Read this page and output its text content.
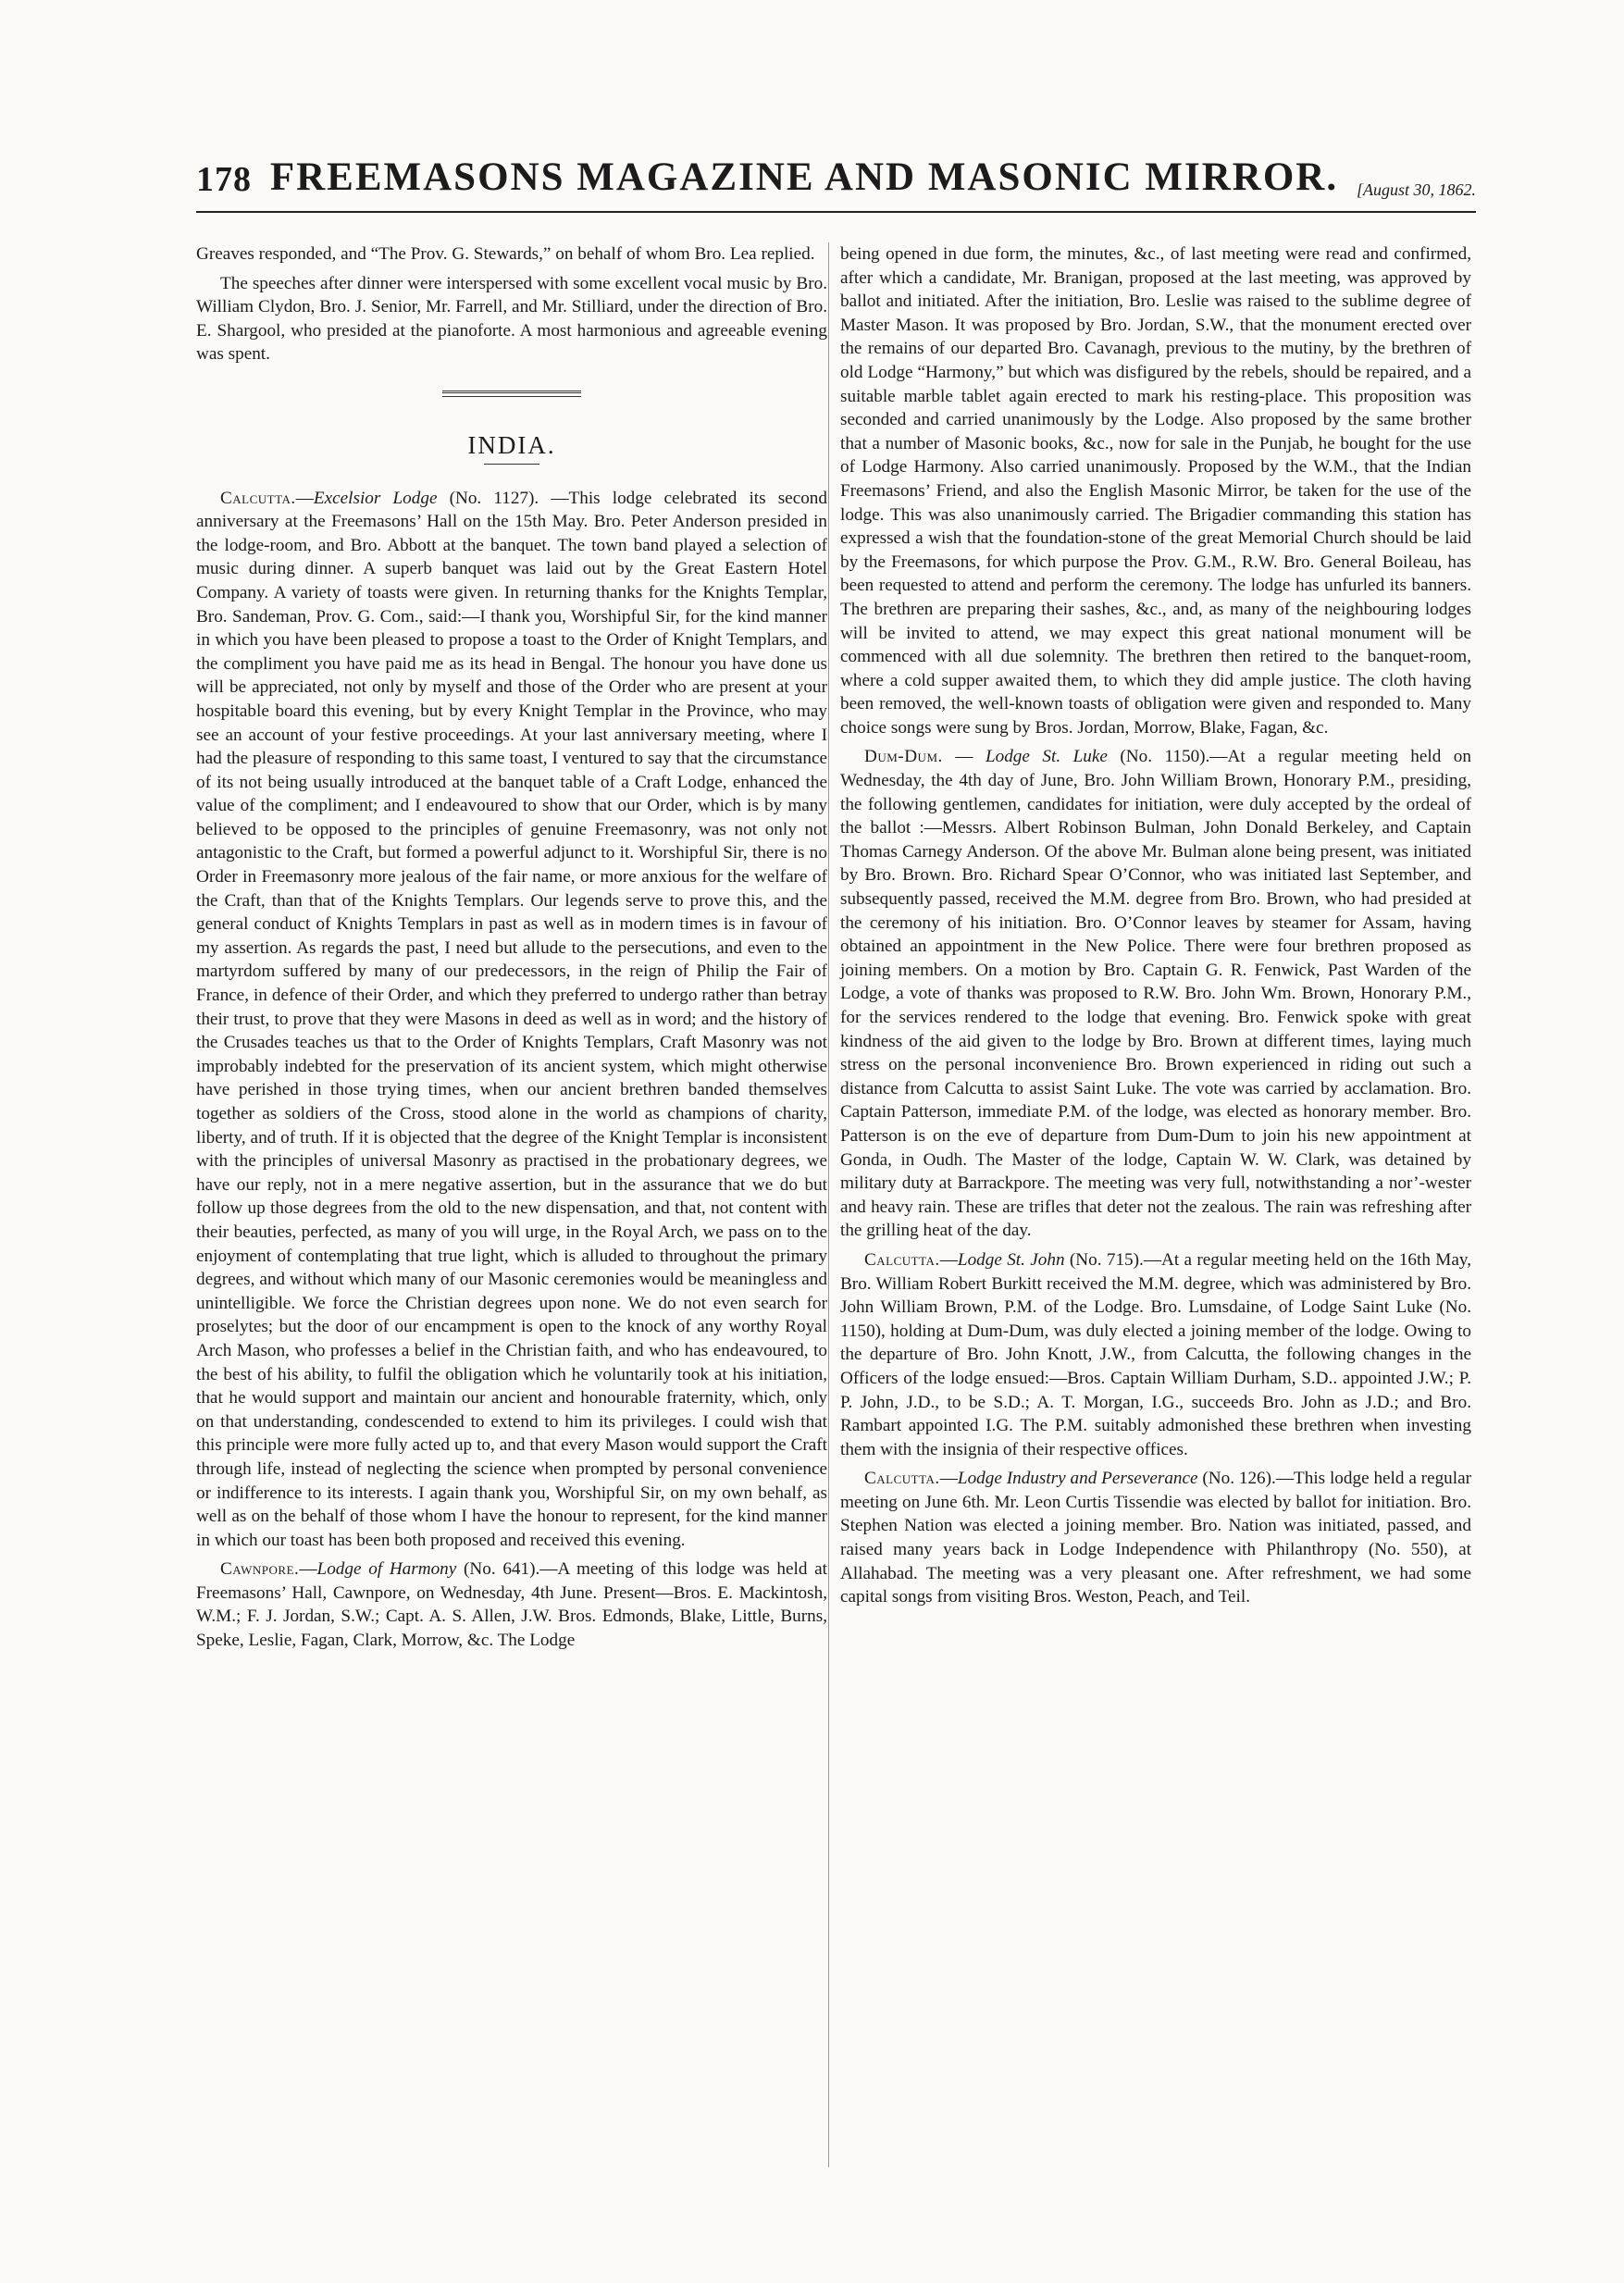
178 FREEMASONS MAGAZINE AND MASONIC MIRROR. [August 30, 1862.

Greaves responded, and “The Prov. G. Stewards,” on behalf of whom Bro. Lea replied.

The speeches after dinner were interspersed with some excellent vocal music by Bro. William Clydon, Bro. J. Senior, Mr. Farrell, and Mr. Stilliard, under the direction of Bro. E. Shargool, who presided at the pianoforte. A most harmonious and agreeable evening was spent.

INDIA.

Calcutta.—Excelsior Lodge (No. 1127). —This lodge celebrated its second anniversary at the Freemasons’ Hall on the 15th May. Bro. Peter Anderson presided in the lodge-room, and Bro. Abbott at the banquet. The town band played a selection of music during dinner. A superb banquet was laid out by the Great Eastern Hotel Company. A variety of toasts were given. In returning thanks for the Knights Templar, Bro. Sandeman, Prov. G. Com., said:—I thank you, Worshipful Sir, for the kind manner in which you have been pleased to propose a toast to the Order of Knight Templars, and the compliment you have paid me as its head in Bengal. The honour you have done us will be appreciated, not only by myself and those of the Order who are present at your hospitable board this evening, but by every Knight Templar in the Province, who may see an account of your festive proceedings. At your last anniversary meeting, where I had the pleasure of responding to this same toast, I ventured to say that the circumstance of its not being usually introduced at the banquet table of a Craft Lodge, enhanced the value of the compliment; and I endeavoured to show that our Order, which is by many believed to be opposed to the principles of genuine Freemasonry, was not only not antagonistic to the Craft, but formed a powerful adjunct to it. Worshipful Sir, there is no Order in Freemasonry more jealous of the fair name, or more anxious for the welfare of the Craft, than that of the Knights Templars. Our legends serve to prove this, and the general conduct of Knights Templars in past as well as in modern times is in favour of my assertion. As regards the past, I need but allude to the persecutions, and even to the martyrdom suffered by many of our predecessors, in the reign of Philip the Fair of France, in defence of their Order, and which they preferred to undergo rather than betray their trust, to prove that they were Masons in deed as well as in word; and the history of the Crusades teaches us that to the Order of Knights Templars, Craft Masonry was not improbably indebted for the preservation of its ancient system, which might otherwise have perished in those trying times, when our ancient brethren banded themselves together as soldiers of the Cross, stood alone in the world as champions of charity, liberty, and of truth. If it is objected that the degree of the Knight Templar is inconsistent with the principles of universal Masonry as practised in the probationary degrees, we have our reply, not in a mere negative assertion, but in the assurance that we do but follow up those degrees from the old to the new dispensation, and that, not content with their beauties, perfected, as many of you will urge, in the Royal Arch, we pass on to the enjoyment of contemplating that true light, which is alluded to throughout the primary degrees, and without which many of our Masonic ceremonies would be meaningless and unintelligible. We force the Christian degrees upon none. We do not even search for proselytes; but the door of our encampment is open to the knock of any worthy Royal Arch Mason, who professes a belief in the Christian faith, and who has endeavoured, to the best of his ability, to fulfil the obligation which he voluntarily took at his initiation, that he would support and maintain our ancient and honourable fraternity, which, only on that understanding, condescended to extend to him its privileges. I could wish that this principle were more fully acted up to, and that every Mason would support the Craft through life, instead of neglecting the science when prompted by personal convenience or indifference to its interests. I again thank you, Worshipful Sir, on my own behalf, as well as on the behalf of those whom I have the honour to represent, for the kind manner in which our toast has been both proposed and received this evening.

Cawnpore.—Lodge of Harmony (No. 641).—A meeting of this lodge was held at Freemasons’ Hall, Cawnpore, on Wednesday, 4th June. Present—Bros. E. Mackintosh, W.M.; F. J. Jordan, S.W.; Capt. A. S. Allen, J.W. Bros. Edmonds, Blake, Little, Burns, Speke, Leslie, Fagan, Clark, Morrow, &c. The Lodge

being opened in due form, the minutes, &c., of last meeting were read and confirmed, after which a candidate, Mr. Branigan, proposed at the last meeting, was approved by ballot and initiated. After the initiation, Bro. Leslie was raised to the sublime degree of Master Mason. It was proposed by Bro. Jordan, S.W., that the monument erected over the remains of our departed Bro. Cavanagh, previous to the mutiny, by the brethren of old Lodge “Harmony,” but which was disfigured by the rebels, should be repaired, and a suitable marble tablet again erected to mark his resting-place. This proposition was seconded and carried unanimously by the Lodge. Also proposed by the same brother that a number of Masonic books, &c., now for sale in the Punjab, he bought for the use of Lodge Harmony. Also carried unanimously. Proposed by the W.M., that the Indian Freemasons’ Friend, and also the English Masonic Mirror, be taken for the use of the lodge. This was also unanimously carried. The Brigadier commanding this station has expressed a wish that the foundation-stone of the great Memorial Church should be laid by the Freemasons, for which purpose the Prov. G.M., R.W. Bro. General Boileau, has been requested to attend and perform the ceremony. The lodge has unfurled its banners. The brethren are preparing their sashes, &c., and, as many of the neighbouring lodges will be invited to attend, we may expect this great national monument will be commenced with all due solemnity. The brethren then retired to the banquet-room, where a cold supper awaited them, to which they did ample justice. The cloth having been removed, the well-known toasts of obligation were given and responded to. Many choice songs were sung by Bros. Jordan, Morrow, Blake, Fagan, &c.

Dum-Dum. — Lodge St. Luke (No. 1150).—At a regular meeting held on Wednesday, the 4th day of June, Bro. John William Brown, Honorary P.M., presiding, the following gentlemen, candidates for initiation, were duly accepted by the ordeal of the ballot :—Messrs. Albert Robinson Bulman, John Donald Berkeley, and Captain Thomas Carnegy Anderson. Of the above Mr. Bulman alone being present, was initiated by Bro. Brown. Bro. Richard Spear O’Connor, who was initiated last September, and subsequently passed, received the M.M. degree from Bro. Brown, who had presided at the ceremony of his initiation. Bro. O’Connor leaves by steamer for Assam, having obtained an appointment in the New Police. There were four brethren proposed as joining members. On a motion by Bro. Captain G. R. Fenwick, Past Warden of the Lodge, a vote of thanks was proposed to R.W. Bro. John Wm. Brown, Honorary P.M., for the services rendered to the lodge that evening. Bro. Fenwick spoke with great kindness of the aid given to the lodge by Bro. Brown at different times, laying much stress on the personal inconvenience Bro. Brown experienced in riding out such a distance from Calcutta to assist Saint Luke. The vote was carried by acclamation. Bro. Captain Patterson, immediate P.M. of the lodge, was elected as honorary member. Bro. Patterson is on the eve of departure from Dum-Dum to join his new appointment at Gonda, in Oudh. The Master of the lodge, Captain W. W. Clark, was detained by military duty at Barrackpore. The meeting was very full, notwithstanding a nor’-wester and heavy rain. These are trifles that deter not the zealous. The rain was refreshing after the grilling heat of the day.

Calcutta.—Lodge St. John (No. 715).—At a regular meeting held on the 16th May, Bro. William Robert Burkitt received the M.M. degree, which was administered by Bro. John William Brown, P.M. of the Lodge. Bro. Lumsdaine, of Lodge Saint Luke (No. 1150), holding at Dum-Dum, was duly elected a joining member of the lodge. Owing to the departure of Bro. John Knott, J.W., from Calcutta, the following changes in the Officers of the lodge ensued:—Bros. Captain William Durham, S.D.. appointed J.W.; P. P. John, J.D., to be S.D.; A. T. Morgan, I.G., succeeds Bro. John as J.D.; and Bro. Rambart appointed I.G. The P.M. suitably admonished these brethren when investing them with the insignia of their respective offices.

Calcutta.—Lodge Industry and Perseverance (No. 126).—This lodge held a regular meeting on June 6th. Mr. Leon Curtis Tissendie was elected by ballot for initiation. Bro. Stephen Nation was elected a joining member. Bro. Nation was initiated, passed, and raised many years back in Lodge Independence with Philanthropy (No. 550), at Allahabad. The meeting was a very pleasant one. After refreshment, we had some capital songs from visiting Bros. Weston, Peach, and Teil.
